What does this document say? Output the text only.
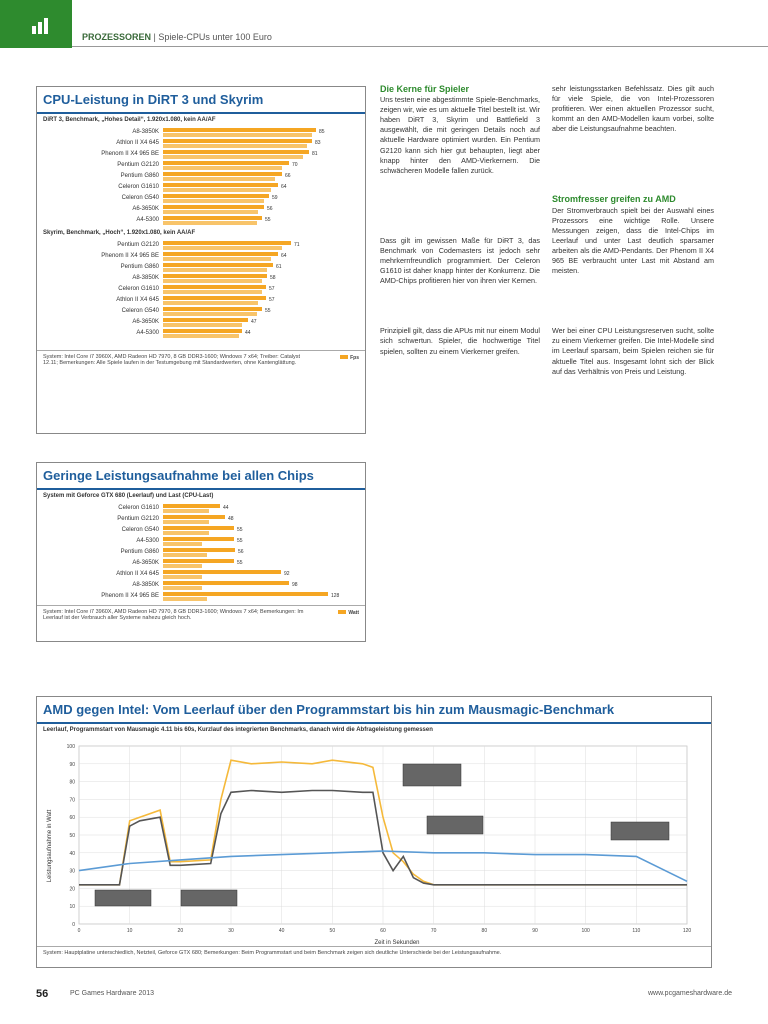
PROZESSOREN | Spiele-CPUs unter 100 Euro
CPU-Leistung in DiRT 3 und Skyrim
DiRT 3, Benchmark, „Hohes Detail“, 1.920x1.080, kein AA/AF
A8-3850K	85
Athlon II X4 645	83
Phenom II X4 965 BE	81
Pentium G2120	70
Pentium G860	66
Celeron G1610	64
Celeron G540	59
A6-3650K	56
A4-5300	55
Skyrim, Benchmark, „Hoch“, 1.920x1.080, kein AA/AF
Pentium G2120	71
Phenom II X4 965 BE	64
Pentium G860	61
A8-3850K	58
Celeron G1610	57
Athlon II X4 645	57
Celeron G540	55
A6-3650K	47
A4-5300	44
System: Intel Core i7 3960X, AMD Radeon HD 7970, 8 GB DDR3-1600; Windows 7 x64; Treiber: Catalyst 12.11; Bemerkungen: Alle Spiele laufen in der Testumgebung mit Standardwerten, ohne Kantenglättung.
Fps
Geringe Leistungsaufnahme bei allen Chips
System mit Geforce GTX 680 (Leerlauf) und Last (CPU-Last)
Celeron G1610	44
Pentium G2120	48
Celeron G540	55
A4-5300	55
Pentium G860	56
A6-3650K	55
Athlon II X4 645	92
A8-3850K	98
Phenom II X4 965 BE	128
System: Intel Core i7 3960X, AMD Radeon HD 7970, 8 GB DDR3-1600; Windows 7 x64; Bemerkungen: Im Leerlauf ist der Verbrauch aller Systeme nahezu gleich hoch.
Watt
Die Kerne für Spieler

Uns testen eine abgestimmte Spiele-Benchmarks, zeigen wir, wie es um aktuelle Titel bestellt ist. Wir haben DiRT 3, Skyrim und Battlefield 3 ausgewählt, die mit geringen Details noch auf aktuelle Hardware optimiert wurden. Ein Pentium G2120 kann sich hier gut behaupten, liegt aber knapp hinter den AMD-Vierkernern. Die schwächeren Modelle fallen zurück.

Dass gilt im gewissen Maße für DiRT 3, das Benchmark von Codemasters ist jedoch sehr mehrkernfreundlich programmiert. Der Celeron G1610 ist daher knapp hinter der Konkurrenz. Die AMD-Chips profitieren hier von ihren vier Kernen.

Prinzipiell gilt, dass die APUs mit nur einem Modul sich schwertun. Spieler, die hochwertige Titel spielen, sollten zu einem Vierkerner greifen.

sehr leistungsstarken Befehlssatz. Dies gilt auch für viele Spiele, die von Intel-Prozessoren profitieren. Wer einen aktuellen Prozessor sucht, kommt an den AMD-Modellen kaum vorbei, sollte aber die Leistungsaufnahme beachten.

Stromfresser greifen zu AMD

Der Stromverbrauch spielt bei der Auswahl eines Prozessors eine wichtige Rolle. Unsere Messungen zeigen, dass die Intel-Chips im Leerlauf und unter Last deutlich sparsamer arbeiten als die AMD-Pendants. Der Phenom II X4 965 BE verbraucht unter Last mit Abstand am meisten.

Wer bei einer CPU Leistungsreserven sucht, sollte zu einem Vierkerner greifen. Die Intel-Modelle sind im Leerlauf sparsam, beim Spielen reichen sie für aktuelle Titel aus. Insgesamt lohnt sich der Blick auf das Verhältnis von Preis und Leistung.

AMD gegen Intel: Vom Leerlauf über den Programmstart bis hin zum Mausmagic-Benchmark
Leerlauf, Programmstart von Mausmagic 4.11 bis 60s, Kurzlauf des integrierten Benchmarks, danach wird die Abfrageleistung gemessen
Leistungsaufnahme in Watt
Zeit in Sekunden
0
10
20
30
40
50
60
70
80
90
100
0	10	20	30	40	50	60	70	80	90	100	110	120
System: Hauptplatine unterschiedlich, Netzteil, Geforce GTX 680; Bemerkungen: Beim Programmstart und beim Benchmark zeigen sich deutliche Unterschiede bei der Leistungsaufnahme.
56	PC Games Hardware 2013	www.pcgameshardware.de
